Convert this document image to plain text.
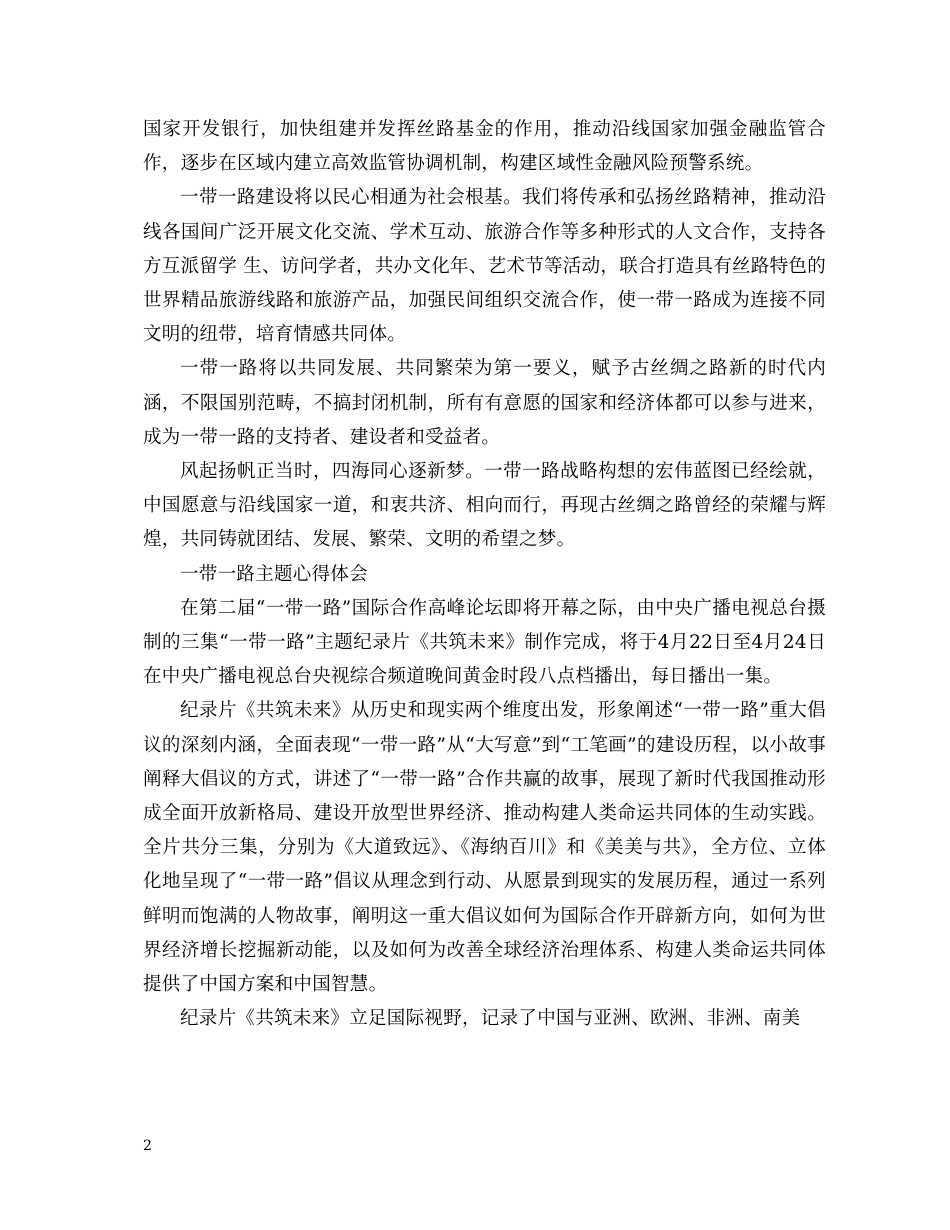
国家开发银行，加快组建并发挥丝路基金的作用，推动沿线国家加强金融监管合作，逐步在区域内建立高效监管协调机制，构建区域性金融风险预警系统。

一带一路建设将以民心相通为社会根基。我们将传承和弘扬丝路精神，推动沿线各国间广泛开展文化交流、学术互动、旅游合作等多种形式的人文合作，支持各方互派留学 生、访问学者，共办文化年、艺术节等活动，联合打造具有丝路特色的世界精品旅游线路和旅游产品，加强民间组织交流合作，使一带一路成为连接不同文明的纽带，培育情感共同体。

一带一路将以共同发展、共同繁荣为第一要义，赋予古丝绸之路新的时代内涵，不限国别范畴，不搞封闭机制，所有有意愿的国家和经济体都可以参与进来，成为一带一路的支持者、建设者和受益者。

风起扬帆正当时，四海同心逐新梦。一带一路战略构想的宏伟蓝图已经绘就，中国愿意与沿线国家一道，和衷共济、相向而行，再现古丝绸之路曾经的荣耀与辉煌，共同铸就团结、发展、繁荣、文明的希望之梦。

一带一路主题心得体会

在第二届“一带一路”国际合作高峰论坛即将开幕之际，由中央广播电视总台摄制的三集“一带一路”主题纪录片《共筑未来》制作完成，将于4月22日至4月24日在中央广播电视总台央视综合频道晚间黄金时段八点档播出，每日播出一集。

纪录片《共筑未来》从历史和现实两个维度出发，形象阐述“一带一路”重大倡议的深刻内涵，全面表现“一带一路”从“大写意”到“工笔画”的建设历程，以小故事阐释大倡议的方式，讲述了“一带一路”合作共赢的故事，展现了新时代我国推动形成全面开放新格局、建设开放型世界经济、推动构建人类命运共同体的生动实践。全片共分三集，分别为《大道致远》、《海纳百川》和《美美与共》，全方位、立体化地呈现了“一带一路”倡议从理念到行动、从愿景到现实的发展历程，通过一系列鲜明而饱满的人物故事，阐明这一重大倡议如何为国际合作开辟新方向，如何为世界经济增长挖掘新动能，以及如何为改善全球经济治理体系、构建人类命运共同体提供了中国方案和中国智慧。

纪录片《共筑未来》立足国际视野，记录了中国与亚洲、欧洲、非洲、南美

2
